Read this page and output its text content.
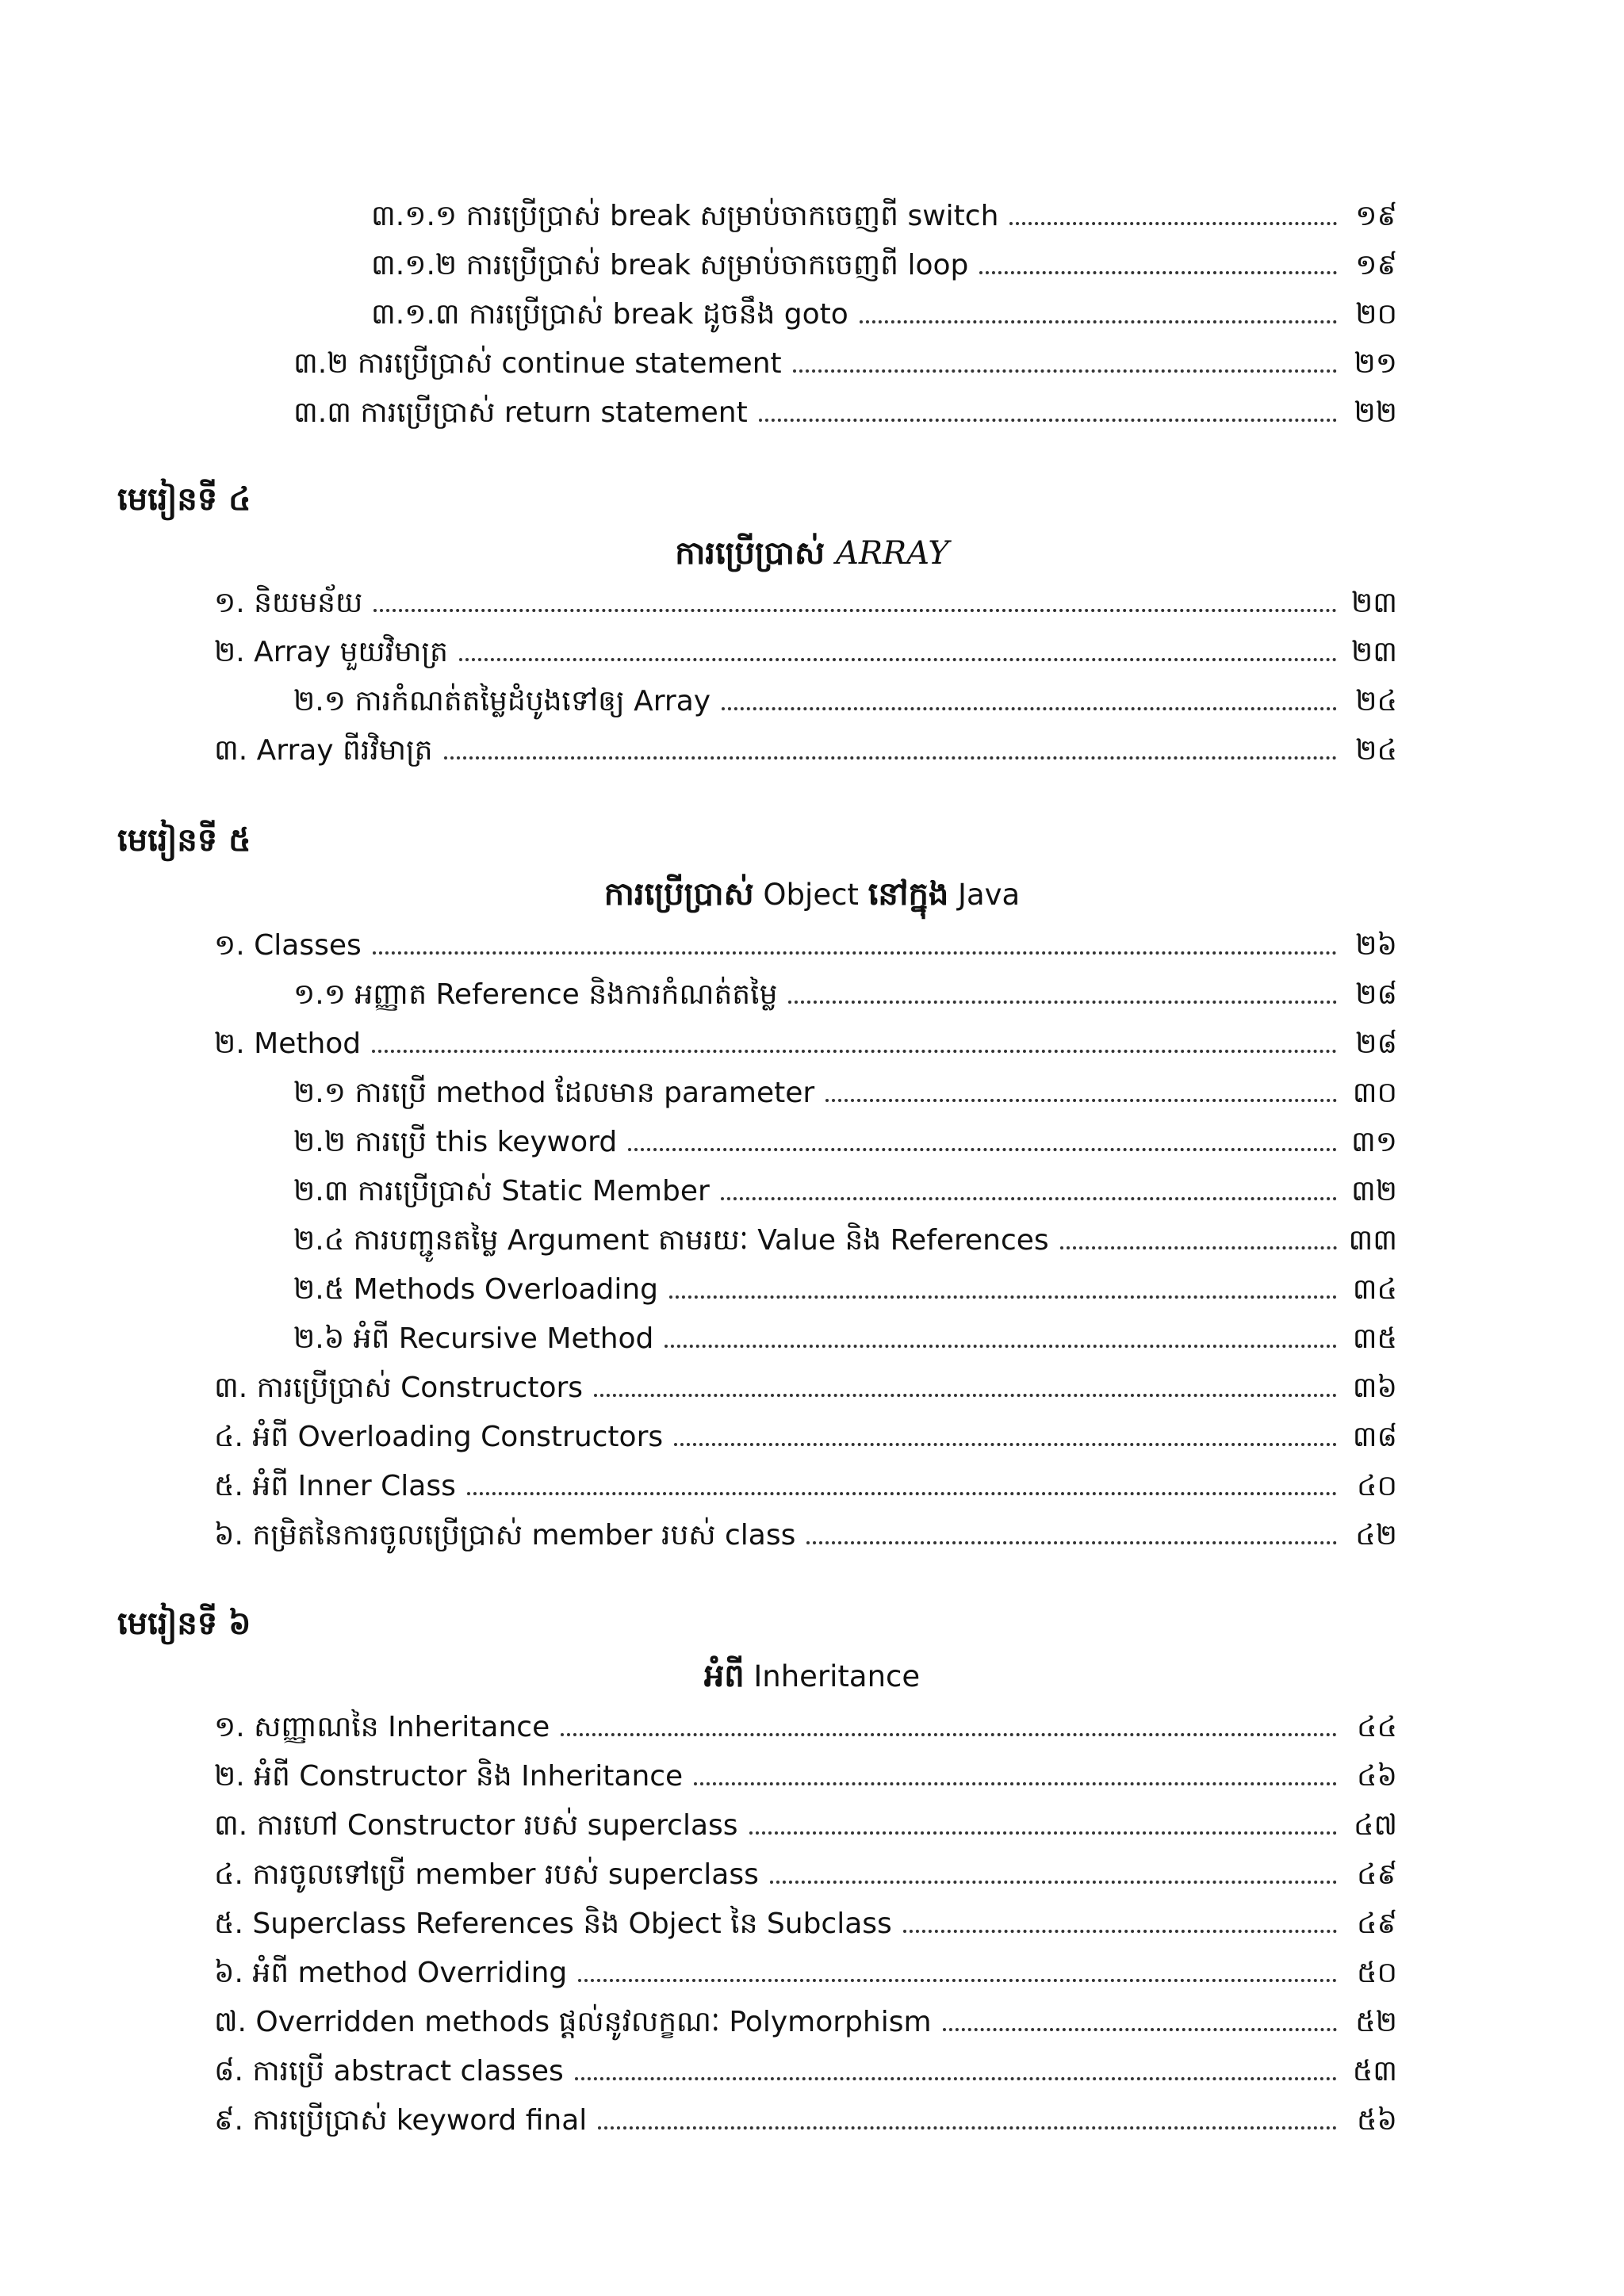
៣.១.១ ការប្រើប្រាស់ break សម្រាប់ចាកចេញពី switch	១៩
៣.១.២ ការប្រើប្រាស់ break សម្រាប់ចាកចេញពី loop	១៩
៣.១.៣ ការប្រើប្រាស់ break ដូចនឹង goto	២០
៣.២ ការប្រើប្រាស់ continue statement	២១
៣.៣ ការប្រើប្រាស់ return statement	២២
មេរៀនទី ៤
ការប្រើប្រាស់ ARRAY
១. និយមន័យ	២៣
២. Array មួយវិមាត្រ	២៣
២.១ ការកំណត់តម្លៃដំបូងទៅឲ្យ Array	២៤
៣. Array ពីរវិមាត្រ	២៤
មេរៀនទី ៥
ការប្រើប្រាស់ Object នៅក្នុង Java
១. Classes	២៦
១.១ អញ្ញាត Reference និងការកំណត់តម្លៃ	២៨
២. Method	២៨
២.១ ការប្រើ method ដែលមាន parameter	៣០
២.២ ការប្រើ this keyword	៣១
២.៣ ការប្រើប្រាស់ Static Member	៣២
២.៤ ការបញ្ជូនតម្លៃ Argument តាមរយៈ Value និង References	៣៣
២.៥ Methods Overloading	៣៤
២.៦ អំពី Recursive Method	៣៥
៣. ការប្រើប្រាស់ Constructors	៣៦
៤. អំពី Overloading Constructors	៣៨
៥. អំពី Inner Class	៤០
៦. កម្រិតនៃការចូលប្រើប្រាស់ member របស់ class	៤២
មេរៀនទី ៦
អំពី Inheritance
១. សញ្ញាណនៃ Inheritance	៤៤
២. អំពី Constructor និង Inheritance	៤៦
៣. ការហៅ Constructor របស់ superclass	៤៧
៤. ការចូលទៅប្រើ member របស់ superclass	៤៩
៥. Superclass References និង Object នៃ Subclass	៤៩
៦. អំពី method Overriding	៥០
៧. Overridden methods ផ្តល់នូវលក្ខណៈ Polymorphism	៥២
៨. ការប្រើ abstract classes	៥៣
៩. ការប្រើប្រាស់ keyword final	៥៦
